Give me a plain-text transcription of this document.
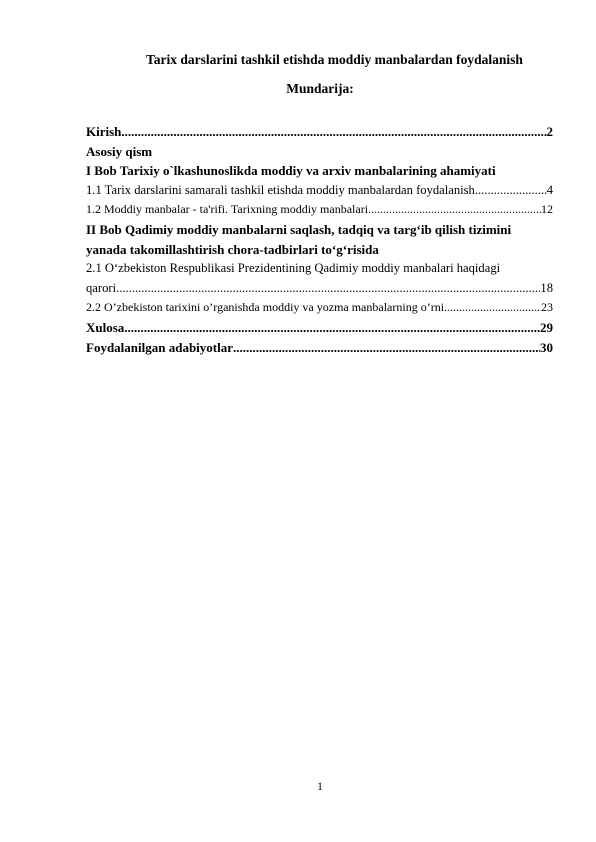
Tarix darslarini tashkil etishda moddiy manbalardan foydalanish
Mundarija:
Kirish .....	2
Asosiy qism
I Bob Tarixiy o`lkashunoslikda moddiy va arxiv manbalarining ahamiyati
1.1 Tarix darslarini samarali tashkil etishda moddiy manbalardan foydalanish .....	4
1.2 Moddiy manbalar - ta'rifi. Tarixning moddiy manbalari .....	12
II Bob Qadimiy moddiy manbalarni saqlash, tadqiq va targ‘ib qilish tizimini
yanada takomillashtirish chora-tadbirlari to‘g‘risida
2.1 O‘zbekiston Respublikasi Prezidentining Qadimiy moddiy manbalari haqidagi
qarori .....	18
2.2 O’zbekiston tarixini o’rganishda moddiy va yozma manbalarning o’rni .....	23
Xulosa .....	29
Foydalanilgan adabiyotlar .....	30
1
